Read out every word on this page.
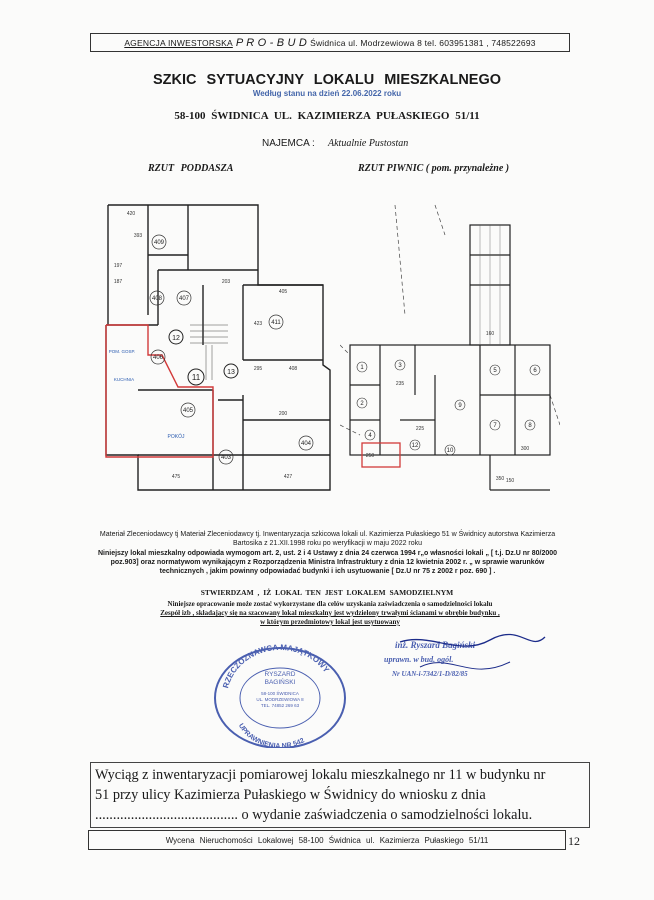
AGENCJA INWESTORSKA P R O - B U D Świdnica ul. Modrzewiowa 8 tel. 603951381 , 748522693
SZKIC SYTUACYJNY LOKALU MIESZKALNEGO
Według stanu na dzień 22.06.2022 roku
58-100 ŚWIDNICA UL. KAZIMIERZA PUŁASKIEGO 51/11
NAJEMCA : Aktualnie Pustostan
RZUT PODDASZA	RZUT PIWNIC ( pom. przynależne )
409
408	407
411
406
405
404
403
11
12
13
POM. GOSP.
KUCHNIA
POKÓJ
420
393
197
187	203
405
423
475	427
200
295	408	1
2
3
4
5	6
7	8
9
10
12
250
300
150
235
225
160
350
Materiał Zleceniodawcy tj Materiał Zleceniodawcy tj. Inwentaryzacja szkicowa lokali ul. Kazimierza Pułaskiego 51 w Świdnicy autorstwa Kazimierza Bartosika z 21.XII.1998 roku po weryfikacji w maju 2022 roku
Niniejszy lokal mieszkalny odpowiada wymogom art. 2, ust. 2 i 4 Ustawy z dnia 24 czerwca 1994 r„o własności lokali „ [ t.j. Dz.U nr 80/2000 poz.903] oraz normatywom wynikającym z Rozporządzenia Ministra Infrastruktury z dnia 12 kwietnia 2002 r. „ w sprawie warunków technicznych , jakim powinny odpowiadać budynki i ich usytuowanie [ Dz.U nr 75 z 2002 r poz. 690 ] .
STWIERDZAM , IŻ LOKAL TEN JEST LOKALEM SAMODZIELNYM
Niniejsze opracowanie może zostać wykorzystane dla celów uzyskania zaświadczenia o samodzielności lokalu
Zespół izb , składający się na szacowany lokal mieszkalny jest wydzielony trwałymi ścianami w obrębie budynku ,
w którym przedmiotowy lokal jest usytuowany
RZECZOZNAWCA MAJĄTKOWY
UPRAWNIENIA NR 542
RYSZARD
BAGIŃSKI
58-100 ŚWIDNICA
UL. MODRZEWIOWA 8
TEL. 74852 269 63
inż. Ryszard Bagiński
uprawn. w bud. ogól.
Nr UAN-i-7342/1-D/82/85
Wyciąg z inwentaryzacji pomiarowej lokalu mieszkalnego nr 11 w budynku nr
51 przy ulicy Kazimierza Pułaskiego w Świdnicy do wniosku z dnia
........................................ o wydanie zaświadczenia o samodzielności lokalu.
Wycena Nieruchomości Lokalowej 58-100 Świdnica ul. Kazimierza Pułaskiego 51/11	12
